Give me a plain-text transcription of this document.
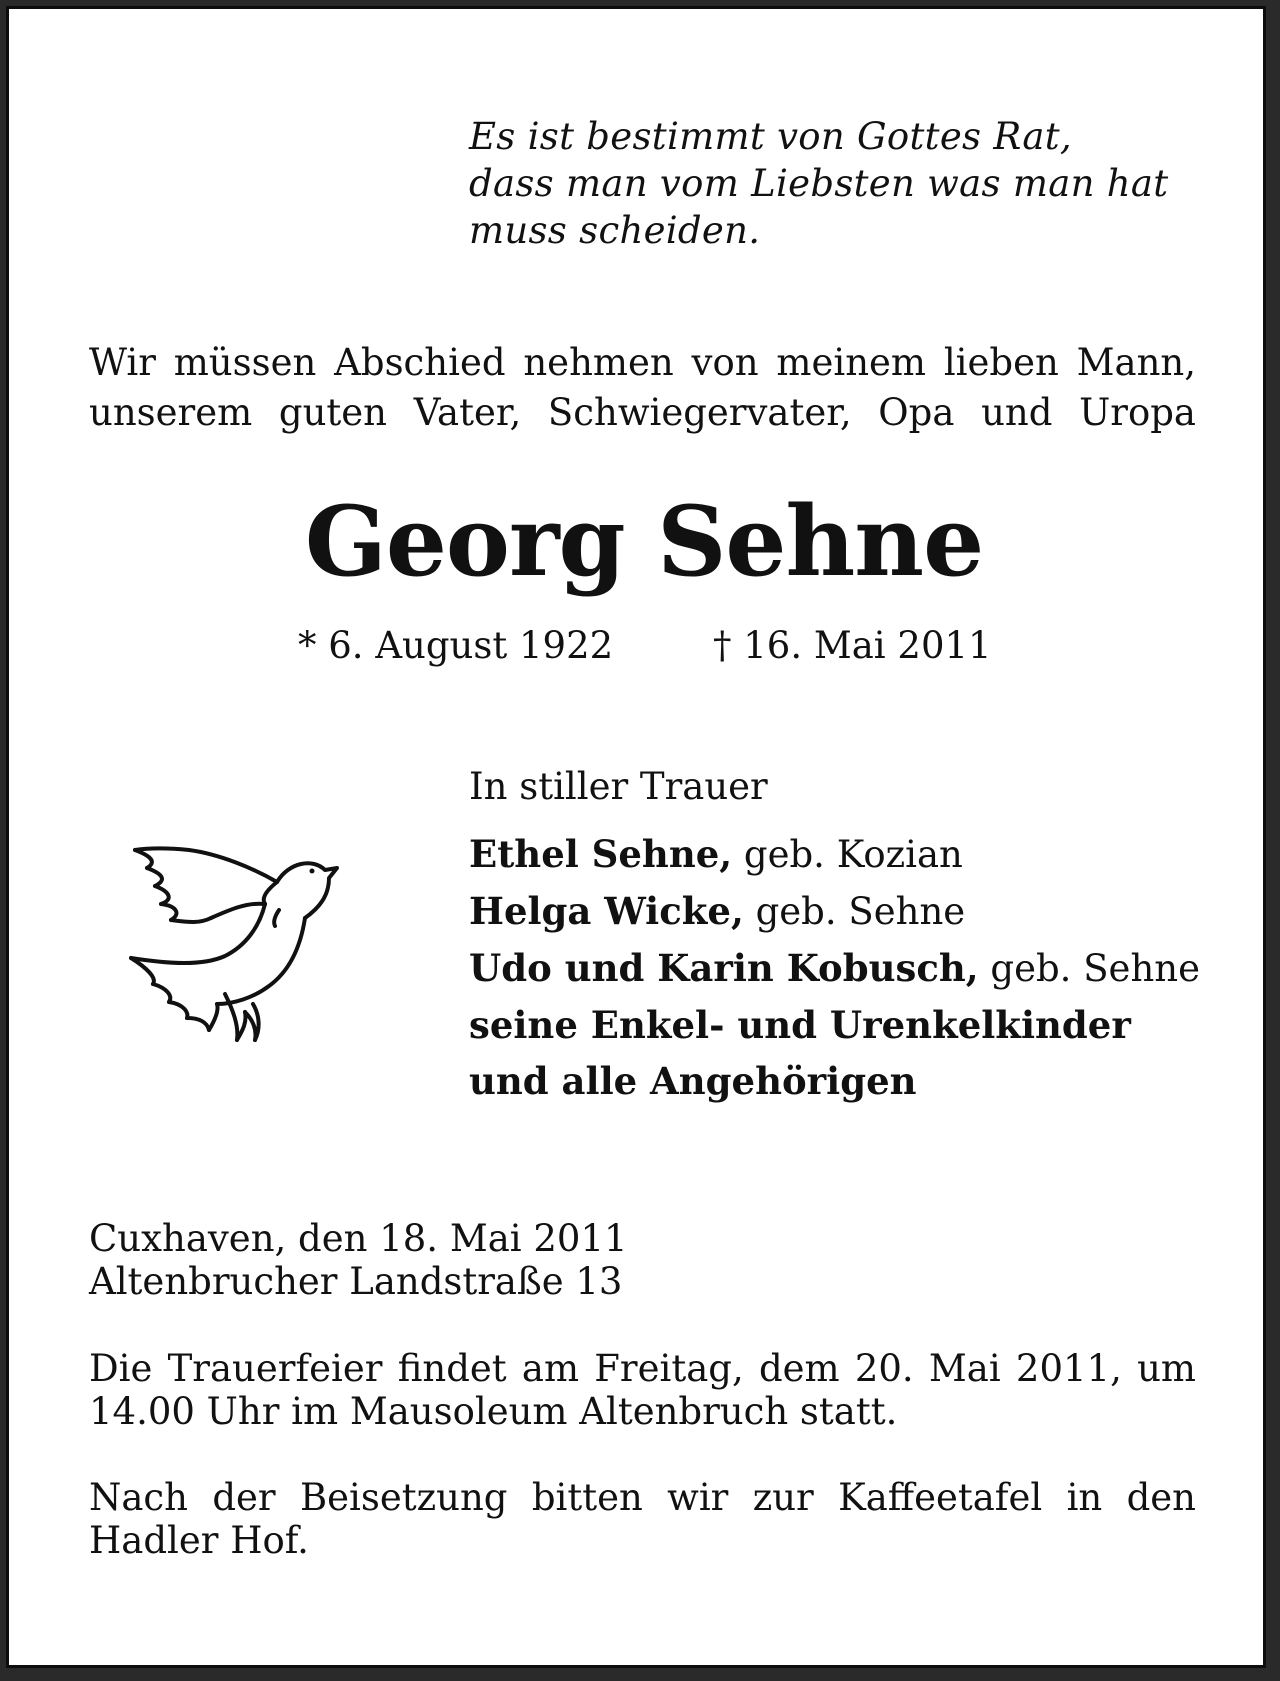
Es ist bestimmt von Gottes Rat,
dass man vom Liebsten was man hat
muss scheiden.
Wir müssen Abschied nehmen von meinem lieben Mann,
unserem guten Vater, Schwiegervater, Opa und Uropa
Georg Sehne
* 6. August 1922	† 16. Mai 2011
In stiller Trauer
Ethel Sehne, geb. Kozian
Helga Wicke, geb. Sehne
Udo und Karin Kobusch, geb. Sehne
seine Enkel- und Urenkelkinder
und alle Angehörigen
Cuxhaven, den 18. Mai 2011
Altenbrucher Landstraße 13
Die Trauerfeier findet am Freitag, dem 20. Mai 2011, um
14.00 Uhr im Mausoleum Altenbruch statt.
Nach der Beisetzung bitten wir zur Kaffeetafel in den
Hadler Hof.
